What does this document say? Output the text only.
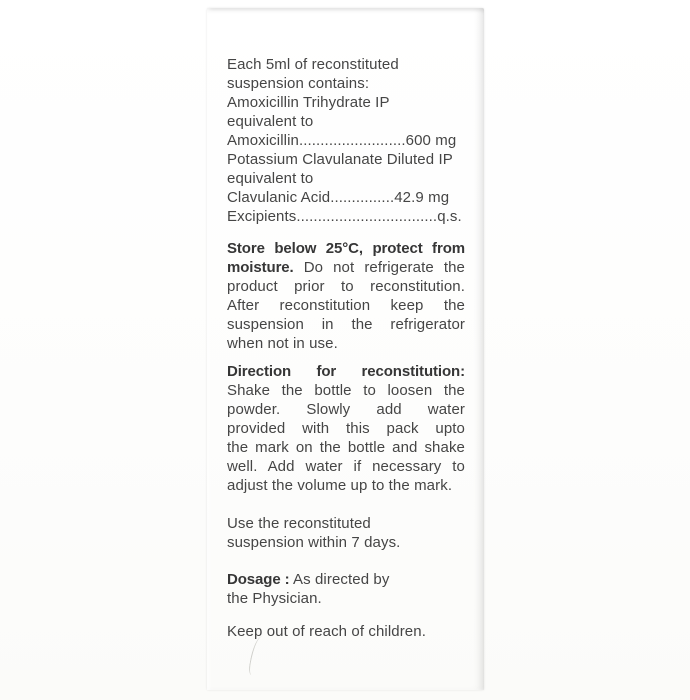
Each 5ml of reconstituted
suspension contains:
Amoxicillin Trihydrate IP
equivalent to
Amoxicillin.........................600 mg
Potassium Clavulanate Diluted IP
equivalent to
Clavulanic Acid...............42.9 mg
Excipients.................................q.s.
Store below 25°C, protect from
moisture. Do not refrigerate the
product prior to reconstitution.
After reconstitution keep the
suspension in the refrigerator
when not in use.
Direction for reconstitution:
Shake the bottle to loosen the
powder. Slowly add water
provided with this pack upto
the mark on the bottle and shake
well. Add water if necessary to
adjust the volume up to the mark.
Use the reconstituted
suspension within 7 days.
Dosage : As directed by
the Physician.
Keep out of reach of children.
